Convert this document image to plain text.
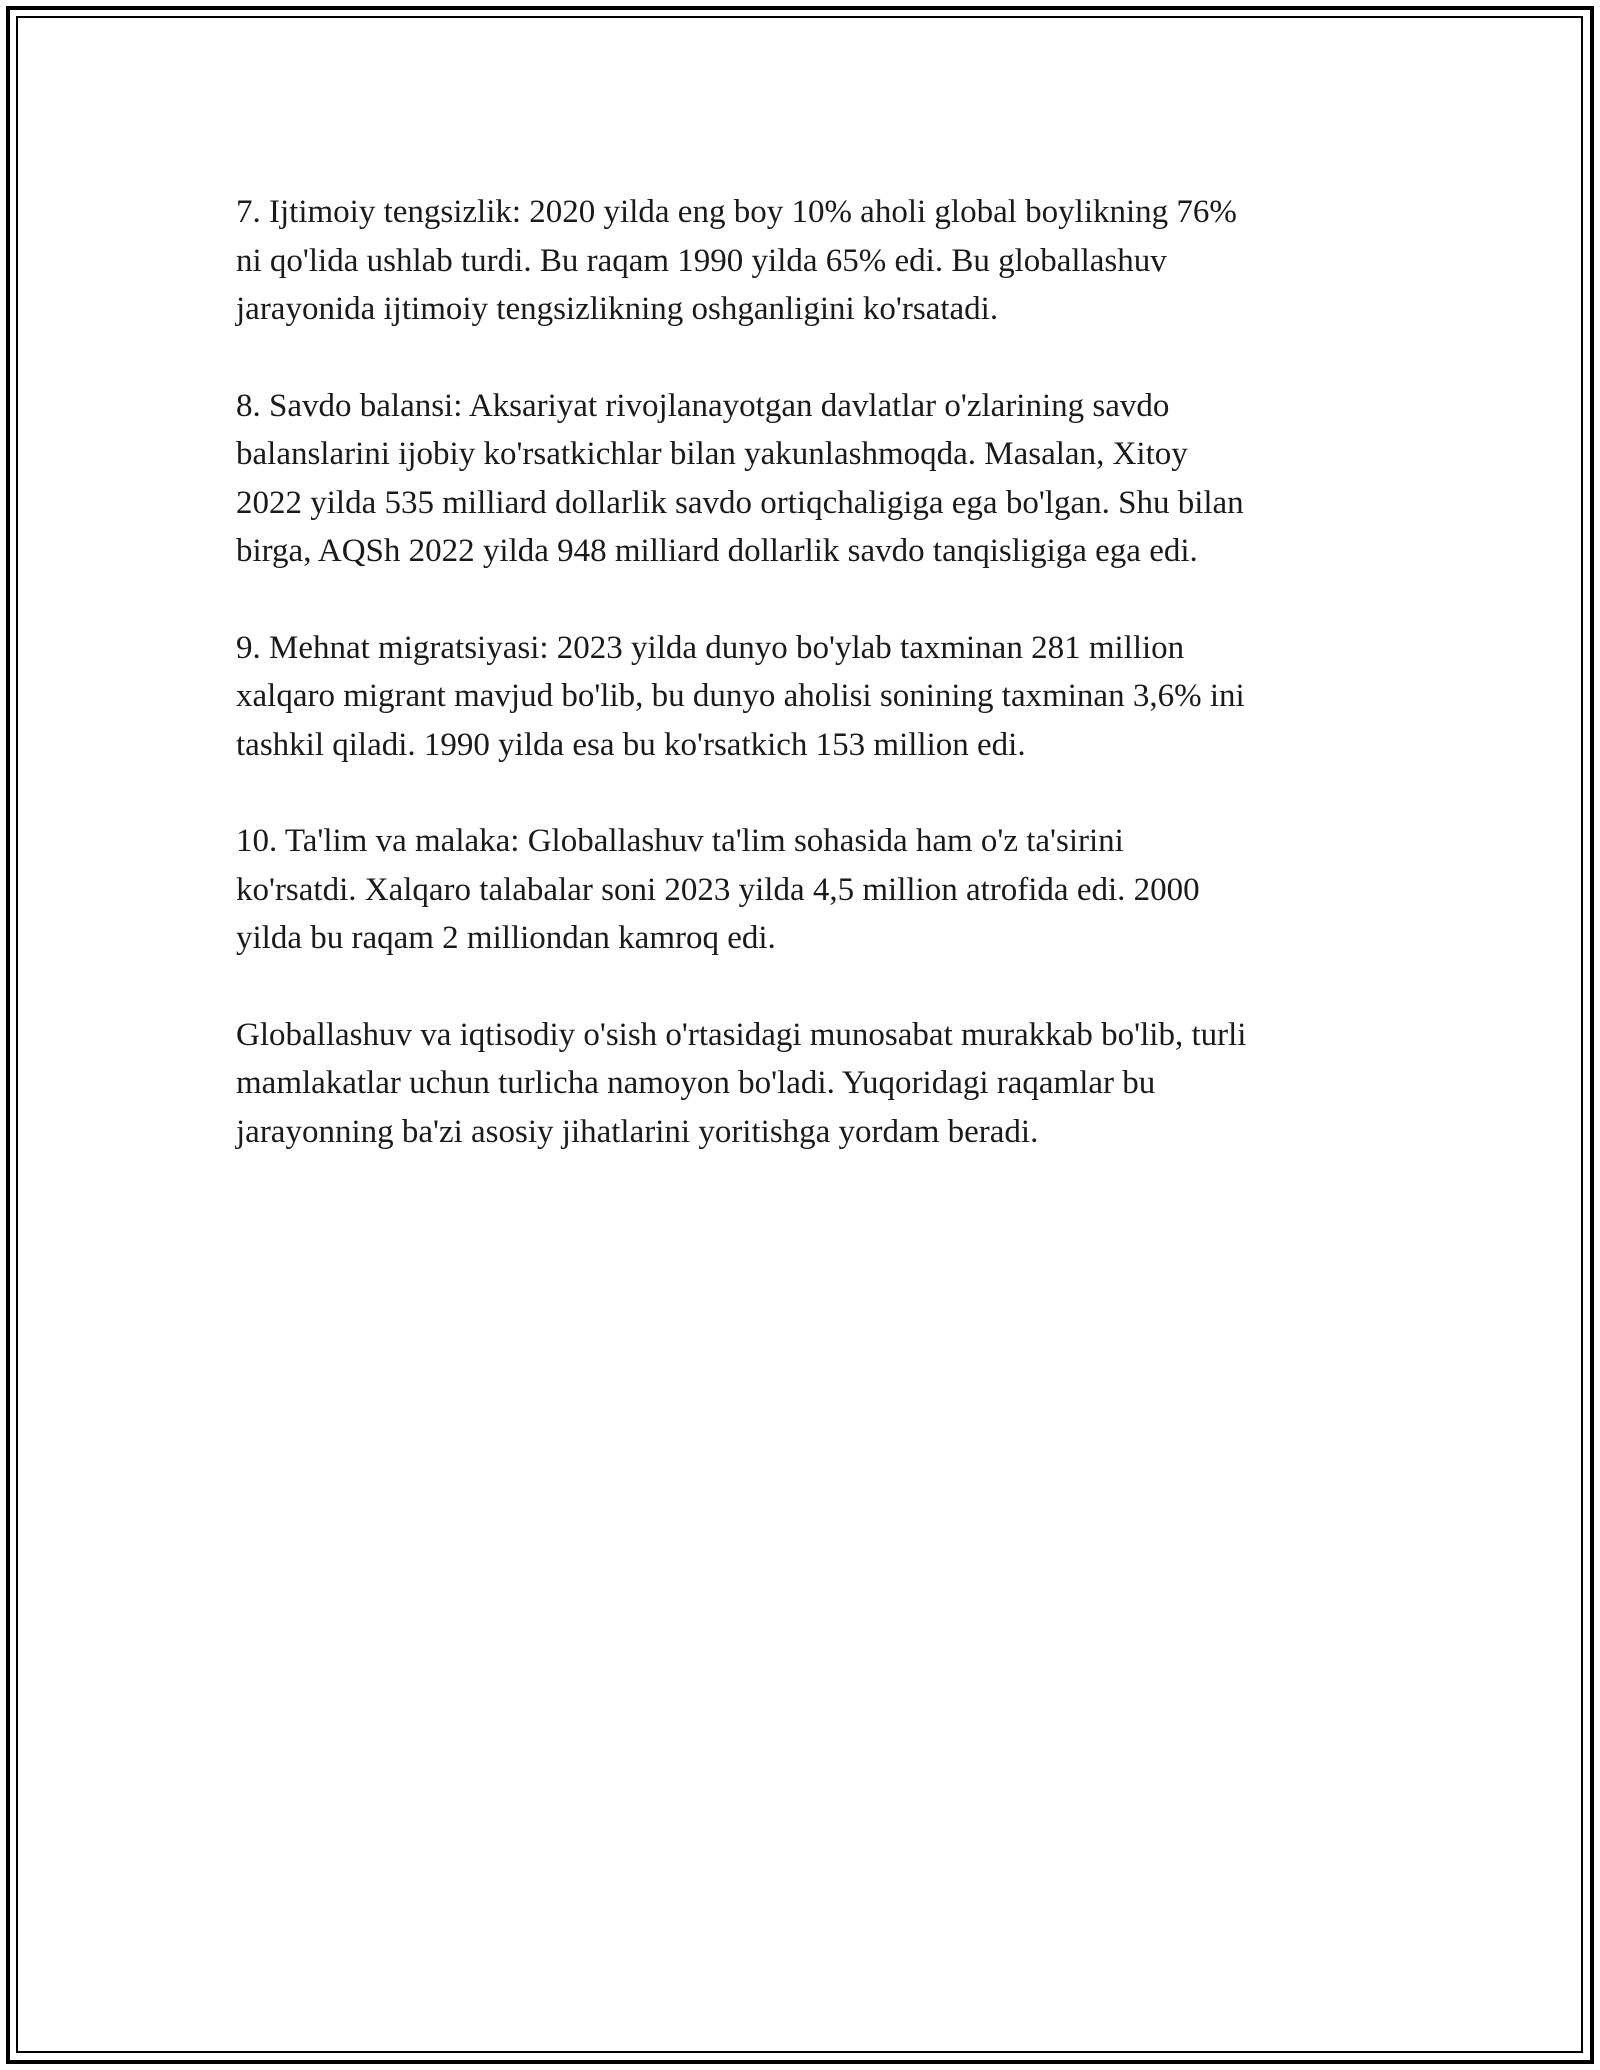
7. Ijtimoiy tengsizlik: 2020 yilda eng boy 10% aholi global boylikning 76%
ni qo'lida ushlab turdi. Bu raqam 1990 yilda 65% edi. Bu globallashuv
jarayonida ijtimoiy tengsizlikning oshganligini ko'rsatadi.

8. Savdo balansi: Aksariyat rivojlanayotgan davlatlar o'zlarining savdo
balanslarini ijobiy ko'rsatkichlar bilan yakunlashmoqda. Masalan, Xitoy
2022 yilda 535 milliard dollarlik savdo ortiqchaligiga ega bo'lgan. Shu bilan
birga, AQSh 2022 yilda 948 milliard dollarlik savdo tanqisligiga ega edi.

9. Mehnat migratsiyasi: 2023 yilda dunyo bo'ylab taxminan 281 million
xalqaro migrant mavjud bo'lib, bu dunyo aholisi sonining taxminan 3,6% ini
tashkil qiladi. 1990 yilda esa bu ko'rsatkich 153 million edi.

10. Ta'lim va malaka: Globallashuv ta'lim sohasida ham o'z ta'sirini
ko'rsatdi. Xalqaro talabalar soni 2023 yilda 4,5 million atrofida edi. 2000
yilda bu raqam 2 milliondan kamroq edi.

Globallashuv va iqtisodiy o'sish o'rtasidagi munosabat murakkab bo'lib, turli
mamlakatlar uchun turlicha namoyon bo'ladi. Yuqoridagi raqamlar bu
jarayonning ba'zi asosiy jihatlarini yoritishga yordam beradi.
